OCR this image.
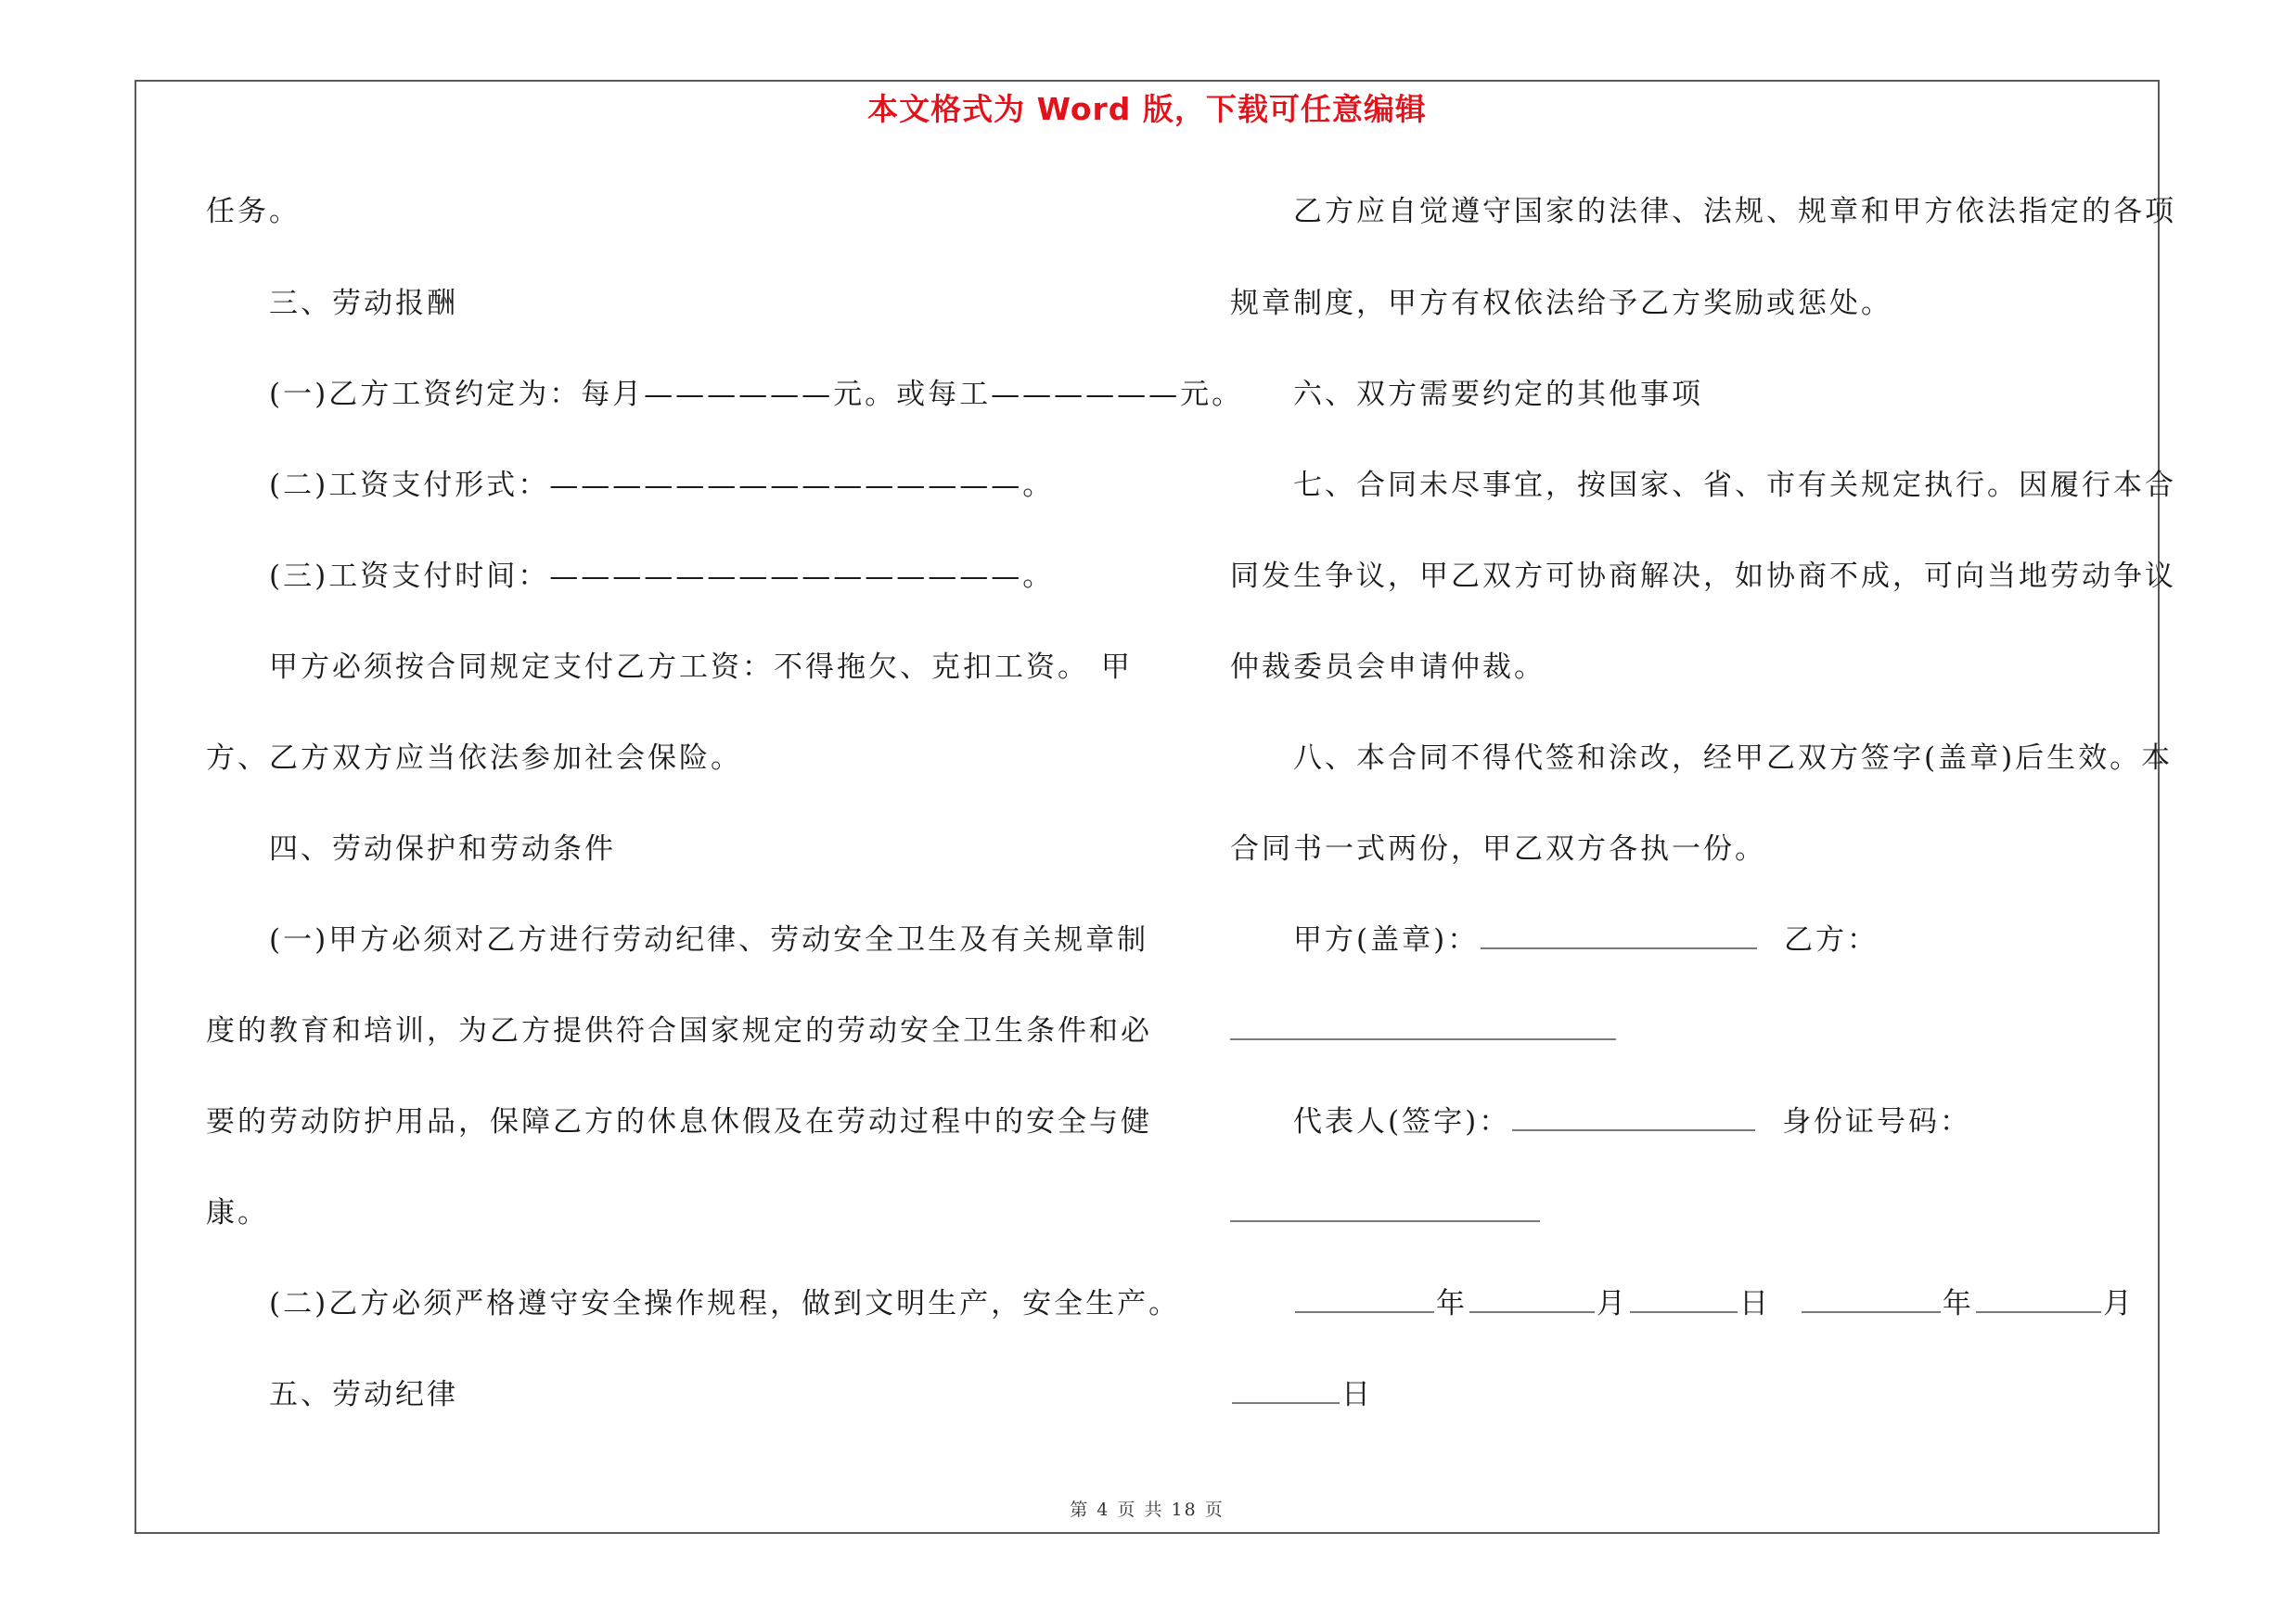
本文格式为 Word 版，下载可任意编辑
任务。
三、劳动报酬
(一)乙方工资约定为：每月——————元。或每工——————元。
(二)工资支付形式：———————————————。
(三)工资支付时间：———————————————。
甲方必须按合同规定支付乙方工资：不得拖欠、克扣工资。 甲
方、乙方双方应当依法参加社会保险。
四、劳动保护和劳动条件
(一)甲方必须对乙方进行劳动纪律、劳动安全卫生及有关规章制
度的教育和培训，为乙方提供符合国家规定的劳动安全卫生条件和必
要的劳动防护用品，保障乙方的休息休假及在劳动过程中的安全与健
康。
(二)乙方必须严格遵守安全操作规程，做到文明生产，安全生产。
五、劳动纪律
乙方应自觉遵守国家的法律、法规、规章和甲方依法指定的各项
规章制度，甲方有权依法给予乙方奖励或惩处。
六、双方需要约定的其他事项
七、合同未尽事宜，按国家、省、市有关规定执行。因履行本合
同发生争议，甲乙双方可协商解决，如协商不成，可向当地劳动争议
仲裁委员会申请仲裁。
八、本合同不得代签和涂改，经甲乙双方签字(盖章)后生效。本
合同书一式两份，甲乙双方各执一份。
甲方(盖章)：	乙方：
代表人(签字)：	身份证号码：
年	月	日	年	月
日
第 4 页 共 18 页
